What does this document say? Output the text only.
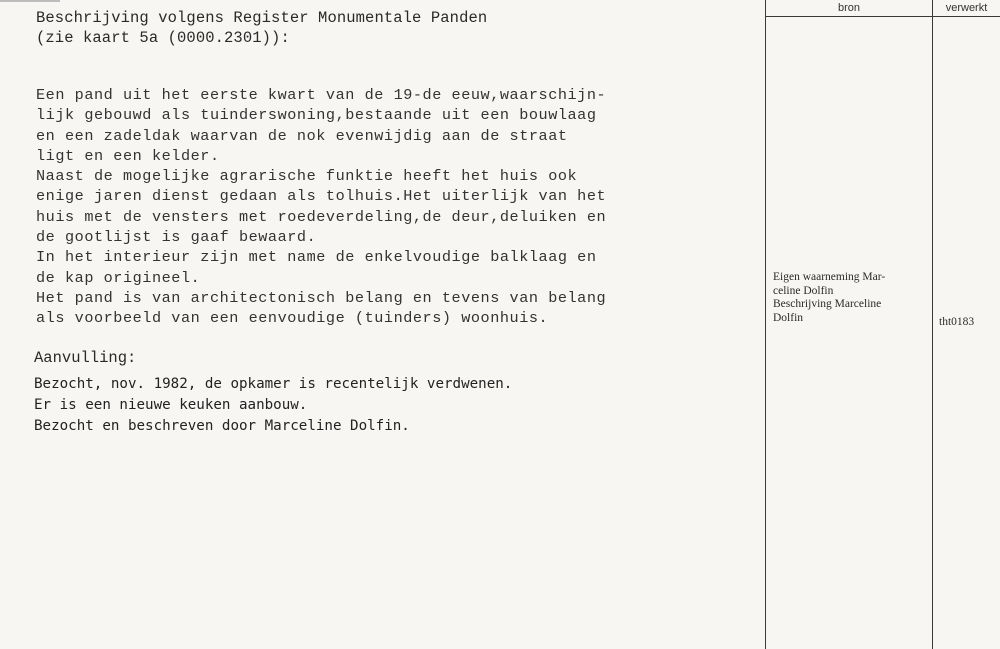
Beschrijving volgens Register Monumentale Panden
(zie kaart 5a (0000.2301)):
Een pand uit het eerste kwart van de 19-de eeuw,waarschijn-
lijk gebouwd als tuinderswoning,bestaande uit een bouwlaag
en een zadeldak waarvan de nok evenwijdig aan de straat
ligt en een kelder.
Naast de mogelijke agrarische funktie heeft het huis ook
enige jaren dienst gedaan als tolhuis.Het uiterlijk van het
huis met de vensters met roedeverdeling,de deur,deluiken en
de gootlijst is gaaf bewaard.
In het interieur zijn met name de enkelvoudige balklaag en
de kap origineel.
Het pand is van architectonisch belang en tevens van belang
als voorbeeld van een eenvoudige (tuinders) woonhuis.
Aanvulling:
Bezocht, nov. 1982, de opkamer is recentelijk verdwenen.
Er is een nieuwe keuken aanbouw.
Bezocht en beschreven door Marceline Dolfin.
bron	verwerkt
Eigen waarneming Mar-
celine Dolfin
Beschrijving Marceline
Dolfin	tht0183
